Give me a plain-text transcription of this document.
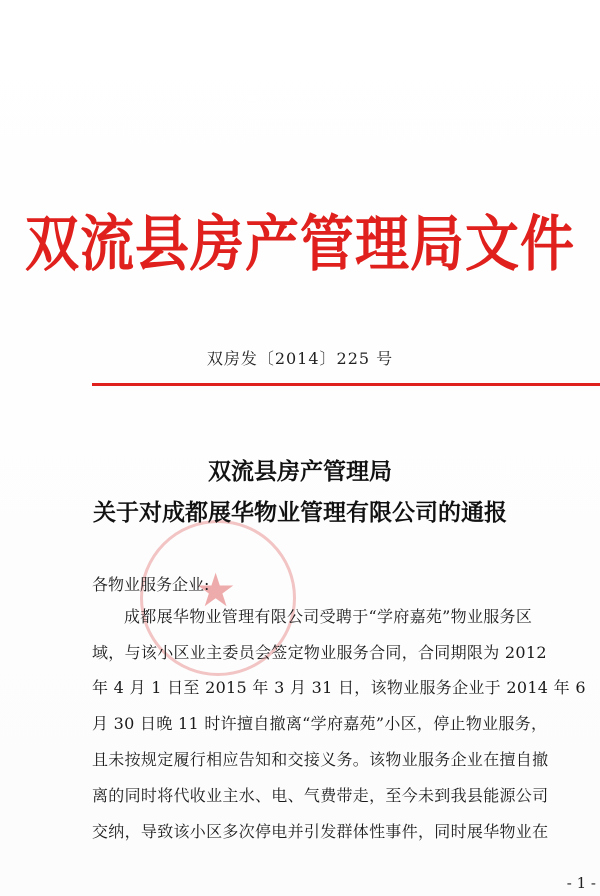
双流县房产管理局文件
双房发〔2014〕225 号
★
双流县房产管理局
关于对成都展华物业管理有限公司的通报
各物业服务企业:
成都展华物业管理有限公司受聘于“学府嘉苑”物业服务区
域，与该小区业主委员会签定物业服务合同，合同期限为 2012
年 4 月 1 日至 2015 年 3 月 31 日，该物业服务企业于 2014 年 6
月 30 日晚 11 时许擅自撤离“学府嘉苑”小区，停止物业服务，
且未按规定履行相应告知和交接义务。该物业服务企业在擅自撤
离的同时将代收业主水、电、气费带走，至今未到我县能源公司
交纳，导致该小区多次停电并引发群体性事件，同时展华物业在
- 1 -
